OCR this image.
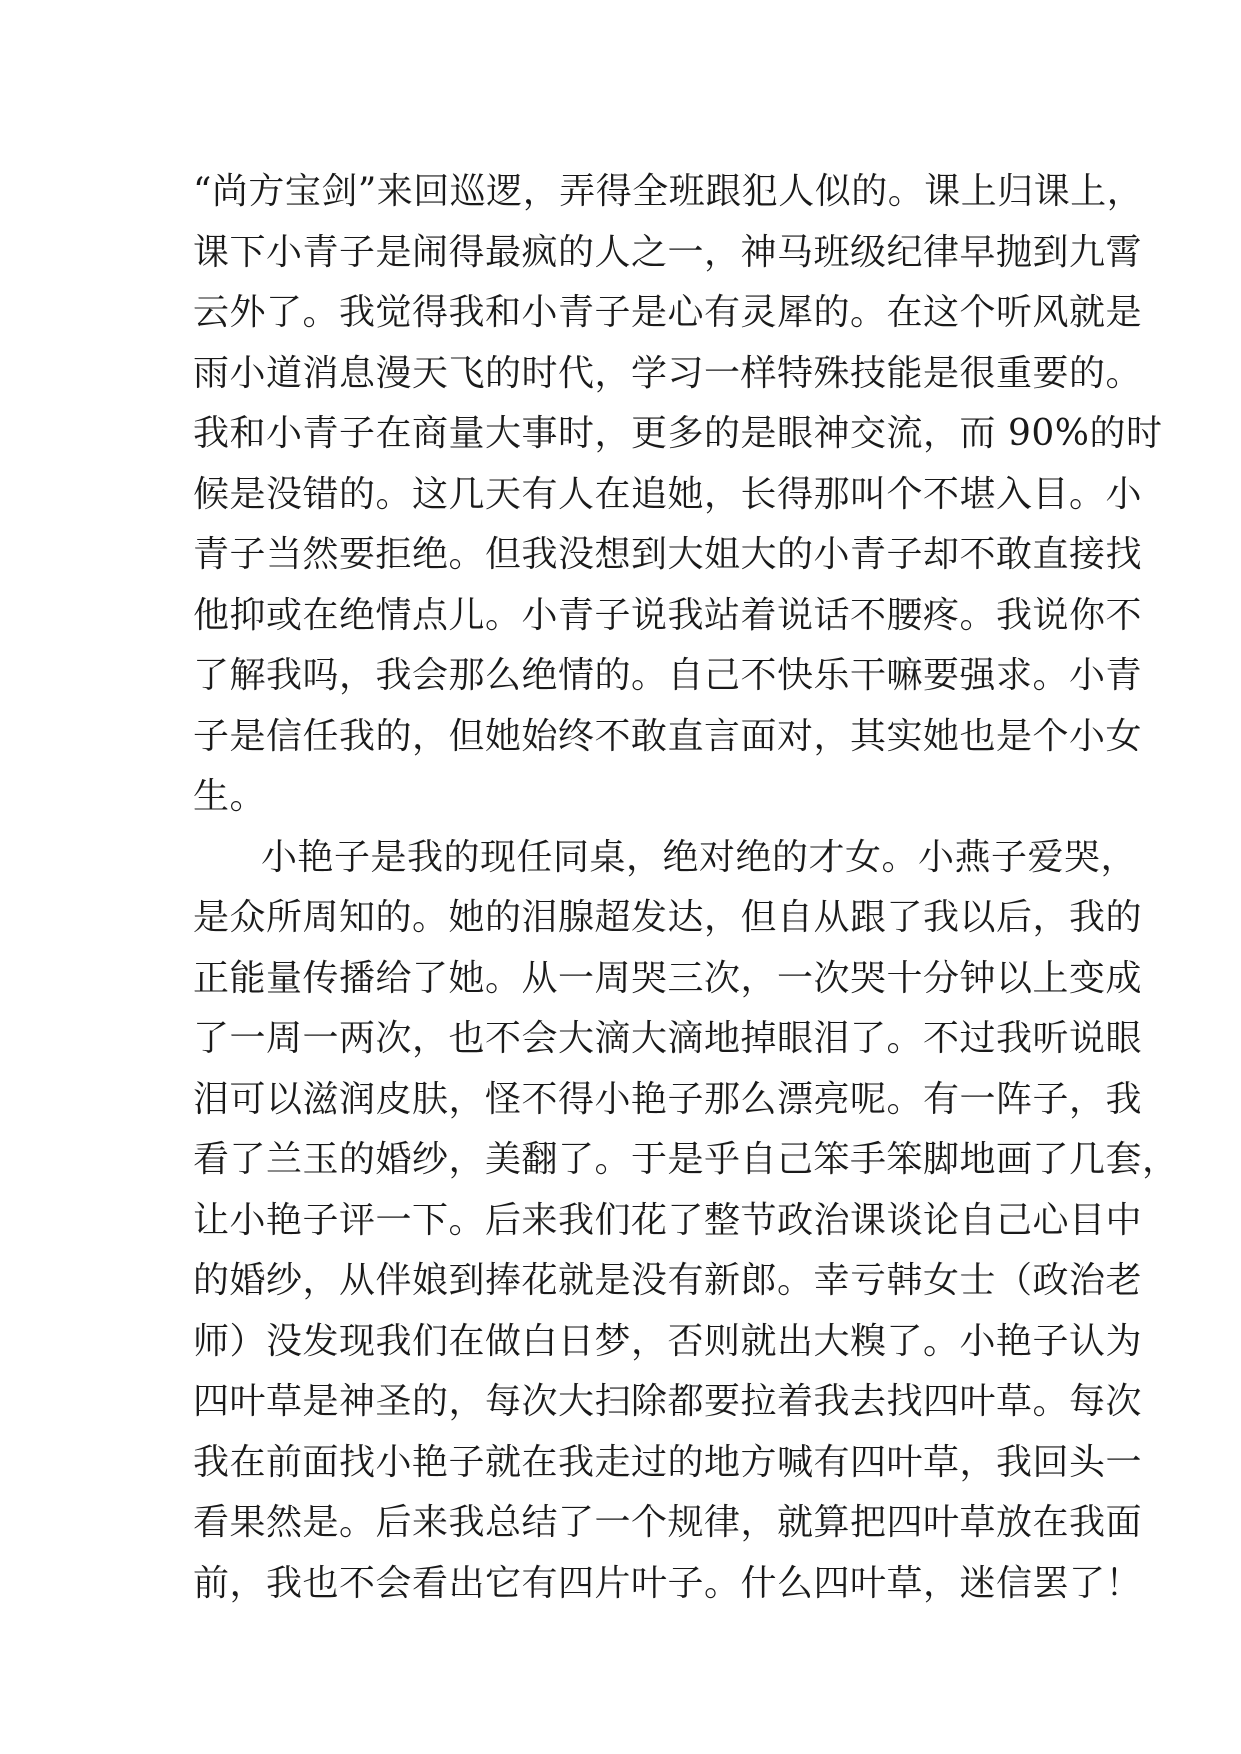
“尚方宝剑”来回巡逻，弄得全班跟犯人似的。课上归课上，
课下小青子是闹得最疯的人之一，神马班级纪律早抛到九霄
云外了。我觉得我和小青子是心有灵犀的。在这个听风就是
雨小道消息漫天飞的时代，学习一样特殊技能是很重要的。
我和小青子在商量大事时，更多的是眼神交流，而 90%的时
候是没错的。这几天有人在追她，长得那叫个不堪入目。小
青子当然要拒绝。但我没想到大姐大的小青子却不敢直接找
他抑或在绝情点儿。小青子说我站着说话不腰疼。我说你不
了解我吗，我会那么绝情的。自己不快乐干嘛要强求。小青
子是信任我的，但她始终不敢直言面对，其实她也是个小女
生。
小艳子是我的现任同桌，绝对绝的才女。小燕子爱哭，
是众所周知的。她的泪腺超发达，但自从跟了我以后，我的
正能量传播给了她。从一周哭三次，一次哭十分钟以上变成
了一周一两次，也不会大滴大滴地掉眼泪了。不过我听说眼
泪可以滋润皮肤，怪不得小艳子那么漂亮呢。有一阵子，我
看了兰玉的婚纱，美翻了。于是乎自己笨手笨脚地画了几套，
让小艳子评一下。后来我们花了整节政治课谈论自己心目中
的婚纱，从伴娘到捧花就是没有新郎。幸亏韩女士（政治老
师）没发现我们在做白日梦，否则就出大糗了。小艳子认为
四叶草是神圣的，每次大扫除都要拉着我去找四叶草。每次
我在前面找小艳子就在我走过的地方喊有四叶草，我回头一
看果然是。后来我总结了一个规律，就算把四叶草放在我面
前，我也不会看出它有四片叶子。什么四叶草，迷信罢了！
